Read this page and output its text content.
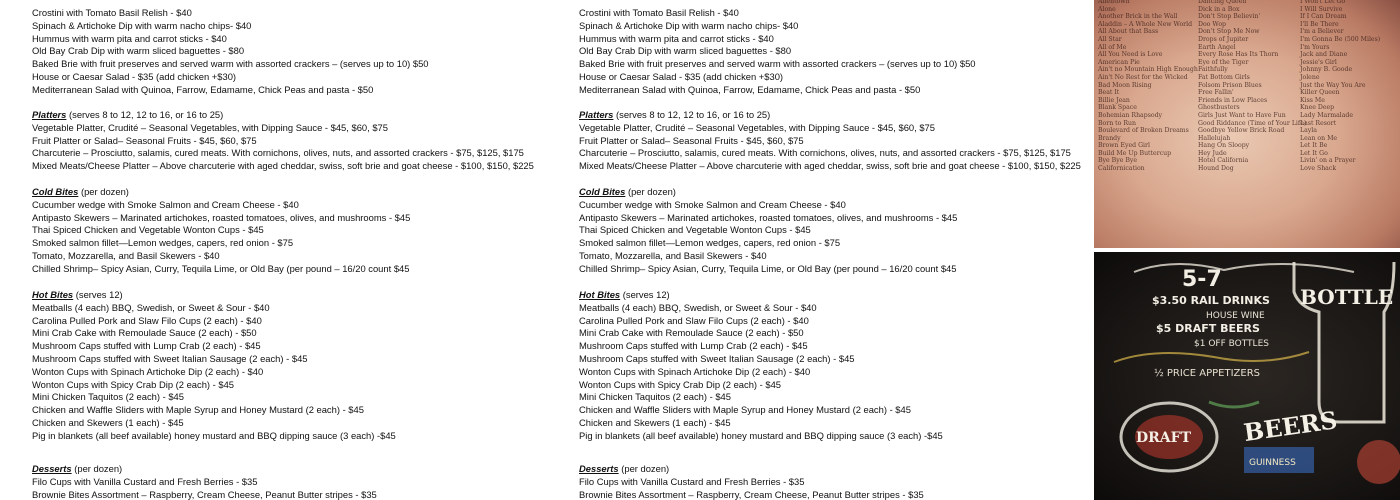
Crostini with Tomato Basil Relish - $40
Spinach & Artichoke Dip with warm nacho chips- $40
Hummus with warm pita and carrot sticks - $40
Old Bay Crab Dip with warm sliced baguettes - $80
Baked Brie with fruit preserves and served warm with assorted crackers – (serves up to 10) $50
House or Caesar Salad - $35 (add chicken +$30)
Mediterranean Salad with Quinoa, Farrow, Edamame, Chick Peas and pasta - $50
Platters (serves 8 to 12, 12 to 16, or 16 to 25)
Vegetable Platter, Crudité – Seasonal Vegetables, with Dipping Sauce - $45, $60, $75
Fruit Platter or Salad– Seasonal Fruits - $45, $60, $75
Charcuterie – Prosciutto, salamis, cured meats. With cornichons, olives, nuts, and assorted crackers - $75, $125, $175
Mixed Meats/Cheese Platter – Above charcuterie with aged cheddar, swiss, soft brie and goat cheese - $100, $150, $225
Cold Bites (per dozen)
Cucumber wedge with Smoke Salmon and Cream Cheese - $40
Antipasto Skewers – Marinated artichokes, roasted tomatoes, olives, and mushrooms - $45
Thai Spiced Chicken and Vegetable Wonton Cups - $45
Smoked salmon fillet—Lemon wedges, capers, red onion - $75
Tomato, Mozzarella, and Basil Skewers - $40
Chilled Shrimp– Spicy Asian, Curry, Tequila Lime, or Old Bay (per pound – 16/20 count $45
Hot Bites (serves 12)
Meatballs (4 each) BBQ, Swedish, or Sweet & Sour - $40
Carolina Pulled Pork and Slaw Filo Cups (2 each) - $40
Mini Crab Cake with Remoulade Sauce (2 each) - $50
Mushroom Caps stuffed with Lump Crab (2 each) - $45
Mushroom Caps stuffed with Sweet Italian Sausage (2 each) - $45
Wonton Cups with Spinach Artichoke Dip (2 each) - $40
Wonton Cups with Spicy Crab Dip (2 each) - $45
Mini Chicken Taquitos (2 each) - $45
Chicken and Waffle Sliders with Maple Syrup and Honey Mustard (2 each) - $45
Chicken and Skewers (1 each) - $45
Pig in blankets (all beef available) honey mustard and BBQ dipping sauce (3 each) -$45
Desserts (per dozen)
Filo Cups with Vanilla Custard and Fresh Berries - $35
Brownie Bites Assortment – Raspberry, Cream Cheese, Peanut Butter stripes - $35
Crostini with Tomato Basil Relish - $40
Spinach & Artichoke Dip with warm nacho chips- $40
Hummus with warm pita and carrot sticks - $40
Old Bay Crab Dip with warm sliced baguettes - $80
Baked Brie with fruit preserves and served warm with assorted crackers – (serves up to 10) $50
House or Caesar Salad - $35 (add chicken +$30)
Mediterranean Salad with Quinoa, Farrow, Edamame, Chick Peas and pasta - $50
Platters (serves 8 to 12, 12 to 16, or 16 to 25)
Vegetable Platter, Crudité – Seasonal Vegetables, with Dipping Sauce - $45, $60, $75
Fruit Platter or Salad– Seasonal Fruits - $45, $60, $75
Charcuterie – Prosciutto, salamis, cured meats. With cornichons, olives, nuts, and assorted crackers - $75, $125, $175
Mixed Meats/Cheese Platter – Above charcuterie with aged cheddar, swiss, soft brie and goat cheese - $100, $150, $225
Cold Bites (per dozen)
Cucumber wedge with Smoke Salmon and Cream Cheese - $40
Antipasto Skewers – Marinated artichokes, roasted tomatoes, olives, and mushrooms - $45
Thai Spiced Chicken and Vegetable Wonton Cups - $45
Smoked salmon fillet—Lemon wedges, capers, red onion - $75
Tomato, Mozzarella, and Basil Skewers - $40
Chilled Shrimp– Spicy Asian, Curry, Tequila Lime, or Old Bay (per pound – 16/20 count $45
Hot Bites (serves 12)
Meatballs (4 each) BBQ, Swedish, or Sweet & Sour - $40
Carolina Pulled Pork and Slaw Filo Cups (2 each) - $40
Mini Crab Cake with Remoulade Sauce (2 each) - $50
Mushroom Caps stuffed with Lump Crab (2 each) - $45
Mushroom Caps stuffed with Sweet Italian Sausage (2 each) - $45
Wonton Cups with Spinach Artichoke Dip (2 each) - $40
Wonton Cups with Spicy Crab Dip (2 each) - $45
Mini Chicken Taquitos (2 each) - $45
Chicken and Waffle Sliders with Maple Syrup and Honey Mustard (2 each) - $45
Chicken and Skewers (1 each) - $45
Pig in blankets (all beef available) honey mustard and BBQ dipping sauce (3 each) -$45
Desserts (per dozen)
Filo Cups with Vanilla Custard and Fresh Berries - $35
Brownie Bites Assortment – Raspberry, Cream Cheese, Peanut Butter stripes - $35
Allentown
Alone
Another Brick in the Wall
Aladdin – A Whole New World
All About that Bass
All Star
All of Me
All You Need is Love
American Pie
Ain't no Mountain High Enough
Ain't No Rest for the Wicked
Bad Moon Rising
Beat It
Billie Jean
Blank Space
Bohemian Rhapsody
Born to Run
Boulevard of Broken Dreams
Brandy
Brown Eyed Girl
Build Me Up Buttercup
Bye Bye Bye
Californication
Dancing Queen
Dick in a Box
Don't Stop Believin'
Doo Wop
Don't Stop Me Now
Drops of Jupiter
Earth Angel
Every Rose Has Its Thorn
Eye of the Tiger
Faithfully
Fat Bottom Girls
Folsom Prison Blues
Free Fallin'
Friends in Low Places
Ghostbusters
Girls Just Want to Have Fun
Good Riddance (Time of Your Life)
Goodbye Yellow Brick Road
Hallelujah
Hang On Sloopy
Hey Jude
Hotel California
Hound Dog
I Won't Let Go
I Will Survive
If I Can Dream
I'll Be There
I'm a Believer
I'm Gonna Be (500 Miles)
I'm Yours
Jack and Diane
Jessie's Girl
Johnny B. Goode
Jolene
Just the Way You Are
Killer Queen
Kiss Me
Knee Deep
Lady Marmalade
Last Resort
Layla
Lean on Me
Let It Be
Let It Go
Livin' on a Prayer
Love Shack
5-7
$3.50 RAIL DRINKS
HOUSE WINE
$5 DRAFT BEERS
$1 OFF BOTTLES
½ PRICE APPETIZERS
BOTTLE
DRAFT BEERS
GUINNESS
